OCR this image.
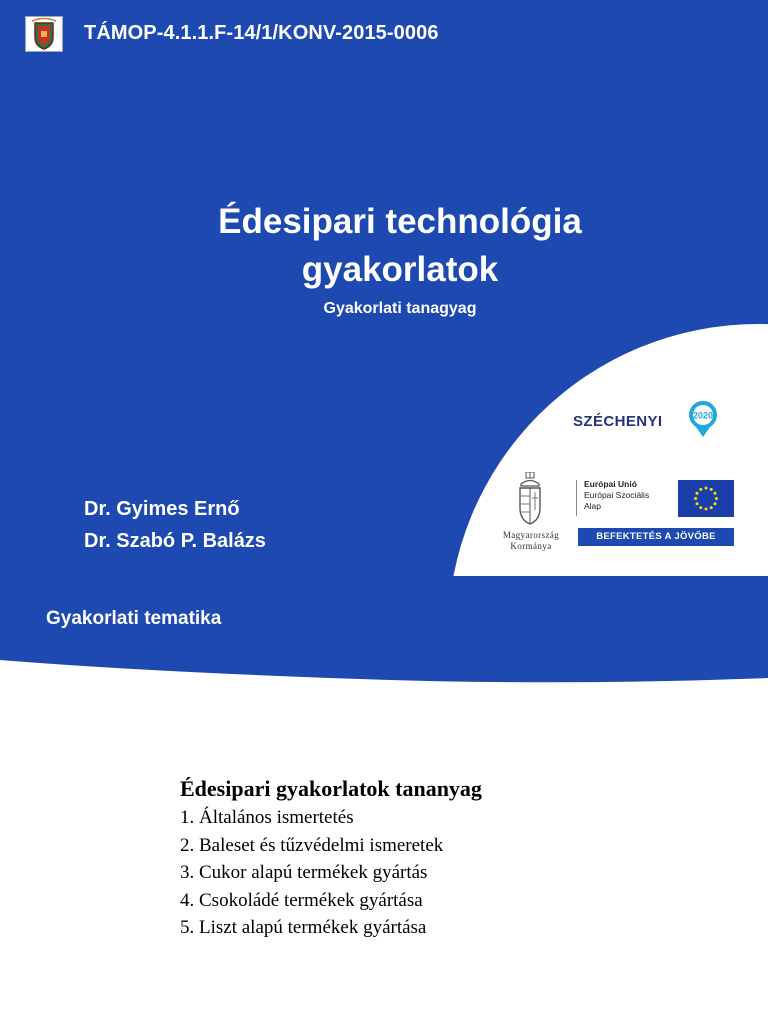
TÁMOP-4.1.1.F-14/1/KONV-2015-0006
Édesipari technológia
gyakorlatok
Gyakorlati tanagyag
Dr. Gyimes Ernő
Dr. Szabó P. Balázs
SZÉCHENYI	2020
Magyarország
Kormánya
Európai Unió
Európai Szociális
Alap
BEFEKTETÉS A JÖVŐBE
Gyakorlati tematika
Édesipari gyakorlatok tananyag
1. Általános ismertetés
2. Baleset és tűzvédelmi ismeretek
3. Cukor alapú termékek gyártás
4. Csokoládé termékek gyártása
5. Liszt alapú termékek gyártása
